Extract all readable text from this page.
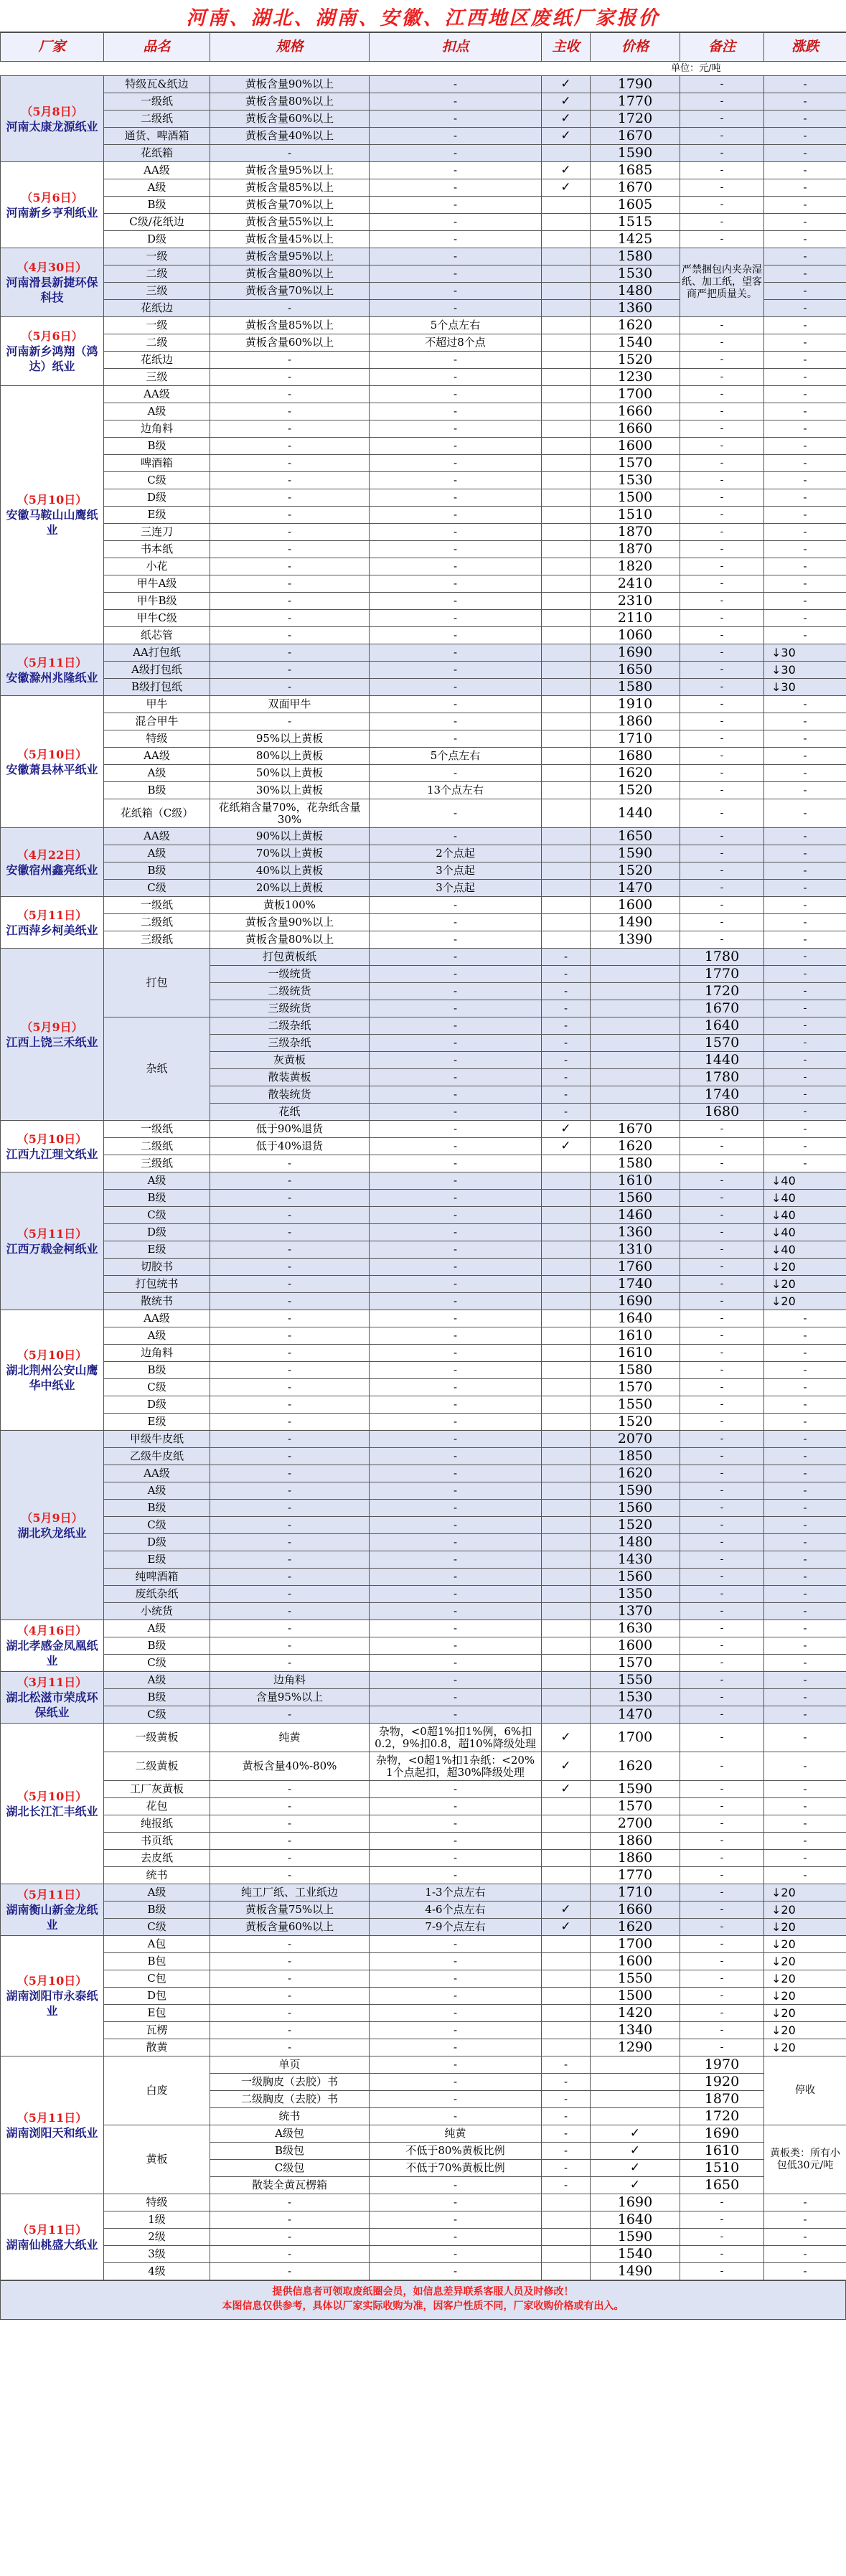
河南、湖北、湖南、安徽、江西地区废纸厂家报价
厂家	品名	规格	扣点	主收	价格	备注	涨跌	
单位：元/吨								

（5月8日）
河南太康龙源纸业	特级瓦&纸边	黄板含量90%以上	-	✓	1790	-	-	
	一级纸	黄板含量80%以上	-	✓	1770	-	-	
	二级纸	黄板含量60%以上	-	✓	1720	-	-	
	通货、啤酒箱	黄板含量40%以上	-	✓	1670	-	-	
	花纸箱	-	-		1590	-	-	

（5月6日）
河南新乡亨利纸业	AA级	黄板含量95%以上	-	✓	1685	-	-	
	A级	黄板含量85%以上	-	✓	1670	-	-	
	B级	黄板含量70%以上	-		1605	-	-	
	C级/花纸边	黄板含量55%以上	-		1515	-	-	
	D级	黄板含量45%以上	-		1425	-	-	

（4月30日）
河南滑县新捷环保科技	一级	黄板含量95%以上	-		1580	严禁捆包内夹杂湿纸、加工纸，望客商严把质量关。	-	
	二级	黄板含量80%以上	-		1530		-	
	三级	黄板含量70%以上	-		1480		-	
	花纸边	-	-		1360		-	

（5月6日）
河南新乡鸿翔（鸿达）纸业	一级	黄板含量85%以上	5个点左右		1620	-	-	
	二级	黄板含量60%以上	不超过8个点		1540	-	-	
	花纸边	-	-		1520	-	-	
	三级	-	-		1230	-	-	

（5月10日）
安徽马鞍山山鹰纸业	AA级	-	-		1700	-	-	
	A级	-	-		1660	-	-	
	边角料	-	-		1660	-	-	
	B级	-	-		1600	-	-	
	啤酒箱	-	-		1570	-	-	
	C级	-	-		1530	-	-	
	D级	-	-		1500	-	-	
	E级	-	-		1510	-	-	
	三连刀	-	-		1870	-	-	
	书本纸	-	-		1870	-	-	
	小花	-	-		1820	-	-	
	甲牛A级	-	-		2410	-	-	
	甲牛B级	-	-		2310	-	-	
	甲牛C级	-	-		2110	-	-	
	纸芯管	-	-		1060	-	-	

（5月11日）
安徽滁州兆隆纸业	AA打包纸	-	-		1690	-	↓30	
	A级打包纸	-	-		1650	-	↓30	
	B级打包纸	-	-		1580	-	↓30	

（5月10日）
安徽萧县林平纸业	甲牛	双面甲牛	-		1910	-	-	
	混合甲牛	-	-		1860	-	-	
	特级	95%以上黄板	-		1710	-	-	
	AA级	80%以上黄板	5个点左右		1680	-	-	
	A级	50%以上黄板	-		1620	-	-	
	B级	30%以上黄板	13个点左右		1520	-	-	
	花纸箱（C级）	花纸箱含量70%，花杂纸含量30%	-		1440	-	-	

（4月22日）
安徽宿州鑫亮纸业	AA级	90%以上黄板	-		1650	-	-	
	A级	70%以上黄板	2个点起		1590	-	-	
	B级	40%以上黄板	3个点起		1520	-	-	
	C级	20%以上黄板	3个点起		1470	-	-	

（5月11日）
江西萍乡柯美纸业	一级纸	黄板100%	-		1600	-	-	
	二级纸	黄板含量90%以上	-		1490	-	-	
	三级纸	黄板含量80%以上	-		1390	-	-	

（5月9日）
江西上饶三禾纸业	打包	打包黄板纸	-	-		1780	-	
		一级统货	-	-		1770	-	
		二级统货	-	-		1720	-	
		三级统货	-	-		1670	-	
	杂纸	二级杂纸	-	-		1640	-	
		三级杂纸	-	-		1570	-	
		灰黄板	-	-		1440	-	
		散装黄板	-	-		1780	-	
		散装统货	-	-		1740	-	
		花纸	-	-		1680	-	

（5月10日）
江西九江理文纸业	一级纸	低于90%退货	-	✓	1670	-	-	
	二级纸	低于40%退货	-	✓	1620	-	-	
	三级纸	-	-		1580	-	-	

（5月11日）
江西万载金柯纸业	A级	-	-		1610	-	↓40	
	B级	-	-		1560	-	↓40	
	C级	-	-		1460	-	↓40	
	D级	-	-		1360	-	↓40	
	E级	-	-		1310	-	↓40	
	切胶书	-	-		1760	-	↓20	
	打包统书	-	-		1740	-	↓20	
	散统书	-	-		1690	-	↓20	

（5月10日）
湖北荆州公安山鹰华中纸业	AA级	-	-		1640	-	-	
	A级	-	-		1610	-	-	
	边角料	-	-		1610	-	-	
	B级	-	-		1580	-	-	
	C级	-	-		1570	-	-	
	D级	-	-		1550	-	-	
	E级	-	-		1520	-	-	

（5月9日）
湖北玖龙纸业	甲级牛皮纸	-	-		2070	-	-	
	乙级牛皮纸	-	-		1850	-	-	
	AA级	-	-		1620	-	-	
	A级	-	-		1590	-	-	
	B级	-	-		1560	-	-	
	C级	-	-		1520	-	-	
	D级	-	-		1480	-	-	
	E级	-	-		1430	-	-	
	纯啤酒箱	-	-		1560	-	-	
	废纸杂纸	-	-		1350	-	-	
	小统货	-	-		1370	-	-	

（4月16日）
湖北孝感金凤凰纸业	A级	-	-		1630	-	-	
	B级	-	-		1600	-	-	
	C级	-	-		1570	-	-	

（3月11日）
湖北松滋市荣成环保纸业	A级	边角料	-		1550	-	-	
	B级	含量95%以上	-		1530	-	-	
	C级	-	-		1470	-	-	

（5月10日）
湖北长江汇丰纸业	一级黄板	纯黄	杂物，<0超1%扣1%例，6%扣0.2，9%扣0.8，超10%降级处理	✓	1700	-	-	
	二级黄板	黄板含量40%-80%	杂物，<0超1%扣1杂纸：<20% 1个点起扣，超30%降级处理	✓	1620	-	-	
	工厂灰黄板	-	-	✓	1590	-	-	
	花包	-	-		1570	-	-	
	纯报纸	-	-		2700	-	-	
	书页纸	-	-		1860	-	-	
	去皮纸	-	-		1860	-	-	
	统书	-	-		1770	-	-	

（5月11日）
湖南衡山新金龙纸业	A级	纯工厂纸、工业纸边	1-3个点左右		1710	-	↓20	
	B级	黄板含量75%以上	4-6个点左右	✓	1660	-	↓20	
	C级	黄板含量60%以上	7-9个点左右	✓	1620	-	↓20	

（5月10日）
湖南浏阳市永泰纸业	A包	-	-		1700	-	↓20	
	B包	-	-		1600	-	↓20	
	C包	-	-		1550	-	↓20	
	D包	-	-		1500	-	↓20	
	E包	-	-		1420	-	↓20	
	瓦楞	-	-		1340	-	↓20	
	散黄	-	-		1290	-	↓20	

（5月11日）
湖南浏阳天和纸业	白废	单页	-	-		1970	停收	
		一级胸皮（去胶）书	-	-		1920	
		二级胸皮（去胶）书	-	-		1870	
		统书	-	-		1720	
	黄板	A级包	纯黄	-	✓	1690	黄板类：所有小包低30元/吨	
		B级包	不低于80%黄板比例	-	✓	1610	
		C级包	不低于70%黄板比例	-	✓	1510	
		散装全黄瓦楞箱	-	-	✓	1650	

（5月11日）
湖南仙桃盛大纸业	特级	-	-		1690	-	-	
	1级	-	-		1640	-	-	
	2级	-	-		1590	-	-	
	3级	-	-		1540	-	-	
	4级	-	-		1490	-	-	
提供信息者可领取废纸圈会员，如信息差异联系客服人员及时修改！
本图信息仅供参考，具体以厂家实际收购为准，因客户性质不同，厂家收购价格或有出入。
